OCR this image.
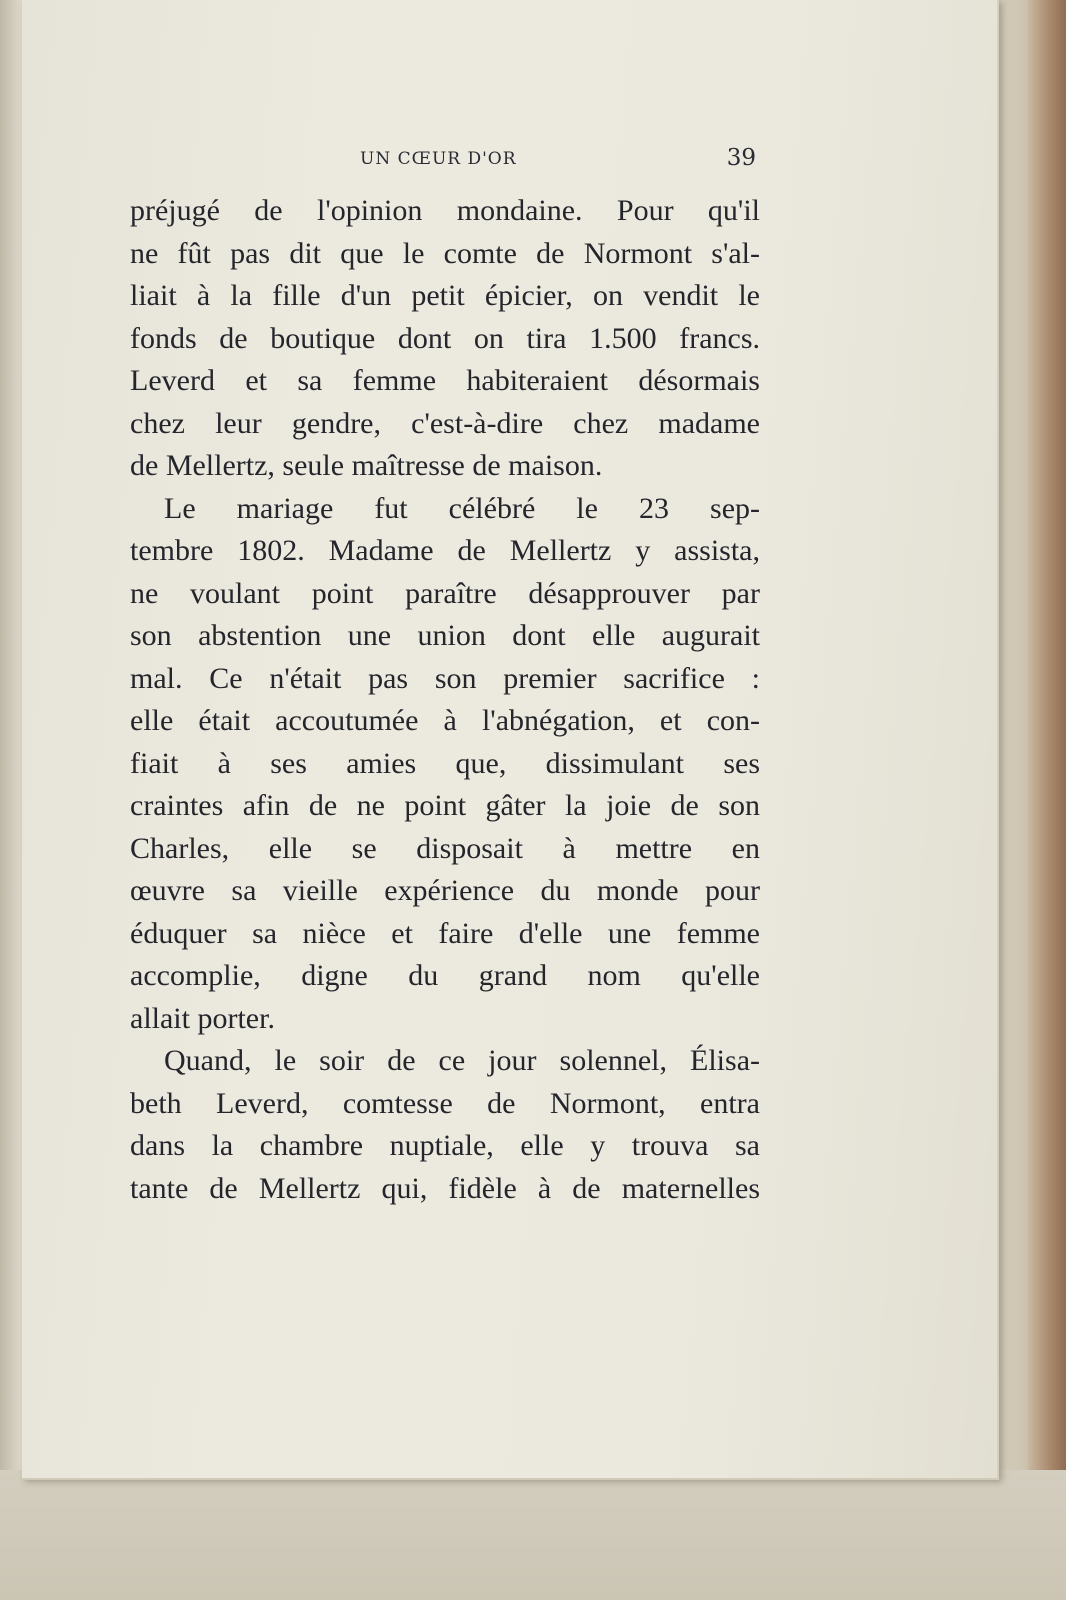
UN CŒUR D'OR	39
préjugé de l'opinion mondaine. Pour qu'il
ne fût pas dit que le comte de Normont s'al-
liait à la fille d'un petit épicier, on vendit le
fonds de boutique dont on tira 1.500 francs.
Leverd et sa femme habiteraient désormais
chez leur gendre, c'est-à-dire chez madame
de Mellertz, seule maîtresse de maison.
Le mariage fut célébré le 23 sep-
tembre 1802. Madame de Mellertz y assista,
ne voulant point paraître désapprouver par
son abstention une union dont elle augurait
mal. Ce n'était pas son premier sacrifice :
elle était accoutumée à l'abnégation, et con-
fiait à ses amies que, dissimulant ses
craintes afin de ne point gâter la joie de son
Charles, elle se disposait à mettre en
œuvre sa vieille expérience du monde pour
éduquer sa nièce et faire d'elle une femme
accomplie, digne du grand nom qu'elle
allait porter.
Quand, le soir de ce jour solennel, Élisa-
beth Leverd, comtesse de Normont, entra
dans la chambre nuptiale, elle y trouva sa
tante de Mellertz qui, fidèle à de maternelles
